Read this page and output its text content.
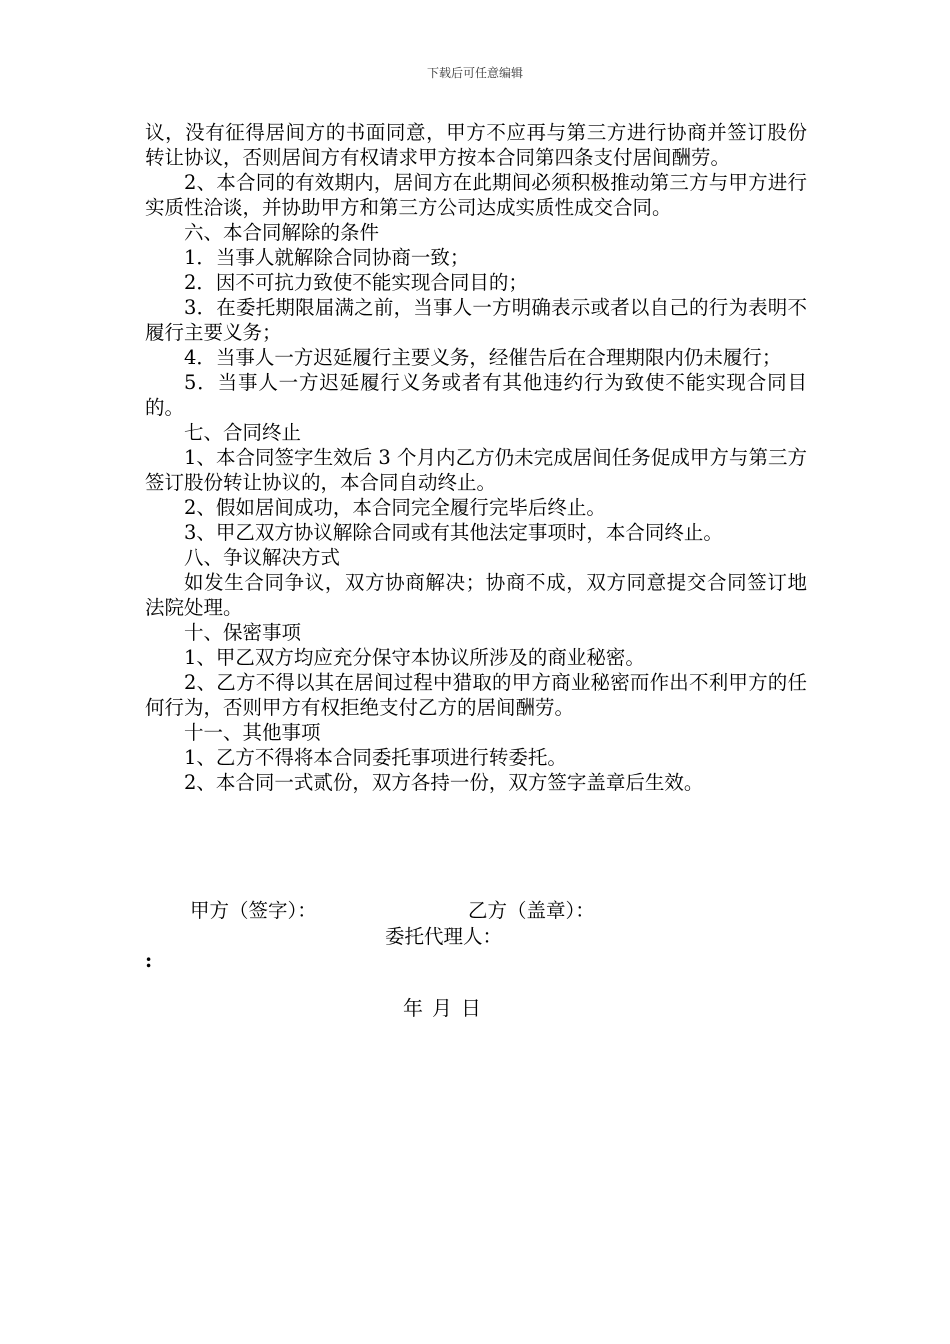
下载后可任意编辑

议，没有征得居间方的书面同意，甲方不应再与第三方进行协商并签订股份转让协议，否则居间方有权请求甲方按本合同第四条支付居间酬劳。

2、本合同的有效期内，居间方在此期间必须积极推动第三方与甲方进行实质性洽谈，并协助甲方和第三方公司达成实质性成交合同。

六、本合同解除的条件

1．当事人就解除合同协商一致；

2．因不可抗力致使不能实现合同目的；

3．在委托期限届满之前，当事人一方明确表示或者以自己的行为表明不履行主要义务；

4．当事人一方迟延履行主要义务，经催告后在合理期限内仍未履行；

5．当事人一方迟延履行义务或者有其他违约行为致使不能实现合同目的。

七、合同终止

1、本合同签字生效后 3 个月内乙方仍未完成居间任务促成甲方与第三方签订股份转让协议的，本合同自动终止。

2、假如居间成功，本合同完全履行完毕后终止。

3、甲乙双方协议解除合同或有其他法定事项时，本合同终止。

八、争议解决方式

如发生合同争议，双方协商解决；协商不成，双方同意提交合同签订地法院处理。

十、保密事项

1、甲乙双方均应充分保守本协议所涉及的商业秘密。

2、乙方不得以其在居间过程中猎取的甲方商业秘密而作出不利甲方的任何行为，否则甲方有权拒绝支付乙方的居间酬劳。

十一、其他事项

1、乙方不得将本合同委托事项进行转委托。

2、本合同一式贰份，双方各持一份，双方签字盖章后生效。

甲方（签字）：	乙方（盖章）：
委托代理人：
:
年月日
